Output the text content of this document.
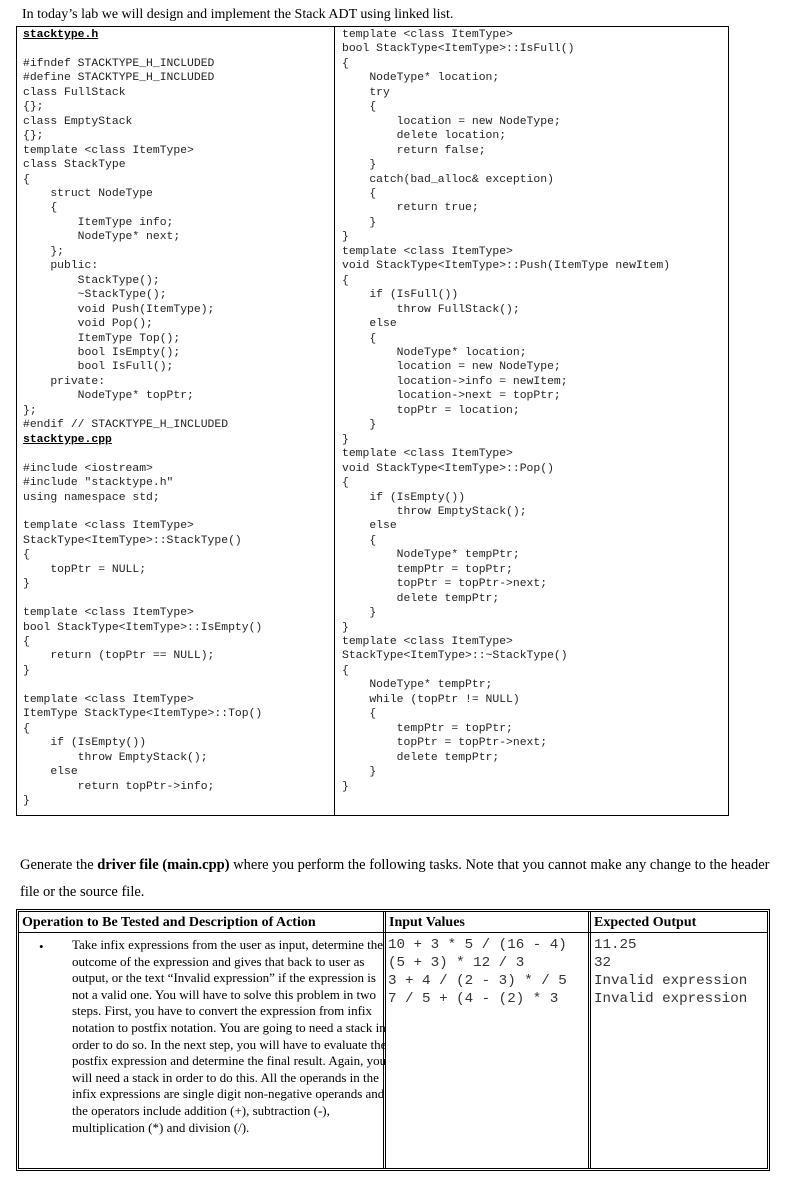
In today’s lab we will design and implement the Stack ADT using linked list.

stacktype.h

#ifndef STACKTYPE_H_INCLUDED
#define STACKTYPE_H_INCLUDED
class FullStack
{};
class EmptyStack
{};
template <class ItemType>
class StackType
{
struct NodeType
{
ItemType info;
NodeType* next;
};
public:
StackType();
~StackType();
void Push(ItemType);
void Pop();
ItemType Top();
bool IsEmpty();
bool IsFull();
private:
NodeType* topPtr;
};
#endif // STACKTYPE_H_INCLUDED

stacktype.cpp

#include <iostream>
#include "stacktype.h"
using namespace std;

template <class ItemType>
StackType<ItemType>::StackType()
{
topPtr = NULL;
}

template <class ItemType>
bool StackType<ItemType>::IsEmpty()
{
return (topPtr == NULL);
}

template <class ItemType>
ItemType StackType<ItemType>::Top()
{
if (IsEmpty())
throw EmptyStack();
else
return topPtr->info;
}
template <class ItemType>
bool StackType<ItemType>::IsFull()
{
NodeType* location;
try
{
location = new NodeType;
delete location;
return false;
}
catch(bad_alloc& exception)
{
return true;
}
}
template <class ItemType>
void StackType<ItemType>::Push(ItemType newItem)
{
if (IsFull())
throw FullStack();
else
{
NodeType* location;
location = new NodeType;
location->info = newItem;
location->next = topPtr;
topPtr = location;
}
}
template <class ItemType>
void StackType<ItemType>::Pop()
{
if (IsEmpty())
throw EmptyStack();
else
{
NodeType* tempPtr;
tempPtr = topPtr;
topPtr = topPtr->next;
delete tempPtr;
}
}
template <class ItemType>
StackType<ItemType>::~StackType()
{
NodeType* tempPtr;
while (topPtr != NULL)
{
tempPtr = topPtr;
topPtr = topPtr->next;
delete tempPtr;
}
}
Generate the driver file (main.cpp) where you perform the following tasks. Note that you cannot make any change to the header file or the source file.
Operation to Be Tested and Description of Action	Input Values	Expected Output
• Take infix expressions from the user as input, determine the outcome of the expression and gives that back to user as output, or the text “Invalid expression” if the expression is not a valid one. You will have to solve this problem in two steps. First, you have to convert the expression from infix notation to postfix notation. You are going to need a stack in order to do so. In the next step, you will have to evaluate the postfix expression and determine the final result. Again, you will need a stack in order to do this. All the operands in the infix expressions are single digit non-negative operands and the operators include addition (+), subtraction (-), multiplication (*) and division (/).

10 + 3 * 5 / (16 - 4)

(5 + 3) * 12 / 3

3 + 4 / (2 - 3) * / 5

7 / 5 + (4 - (2) * 3

11.25

32

Invalid expression

Invalid expression
